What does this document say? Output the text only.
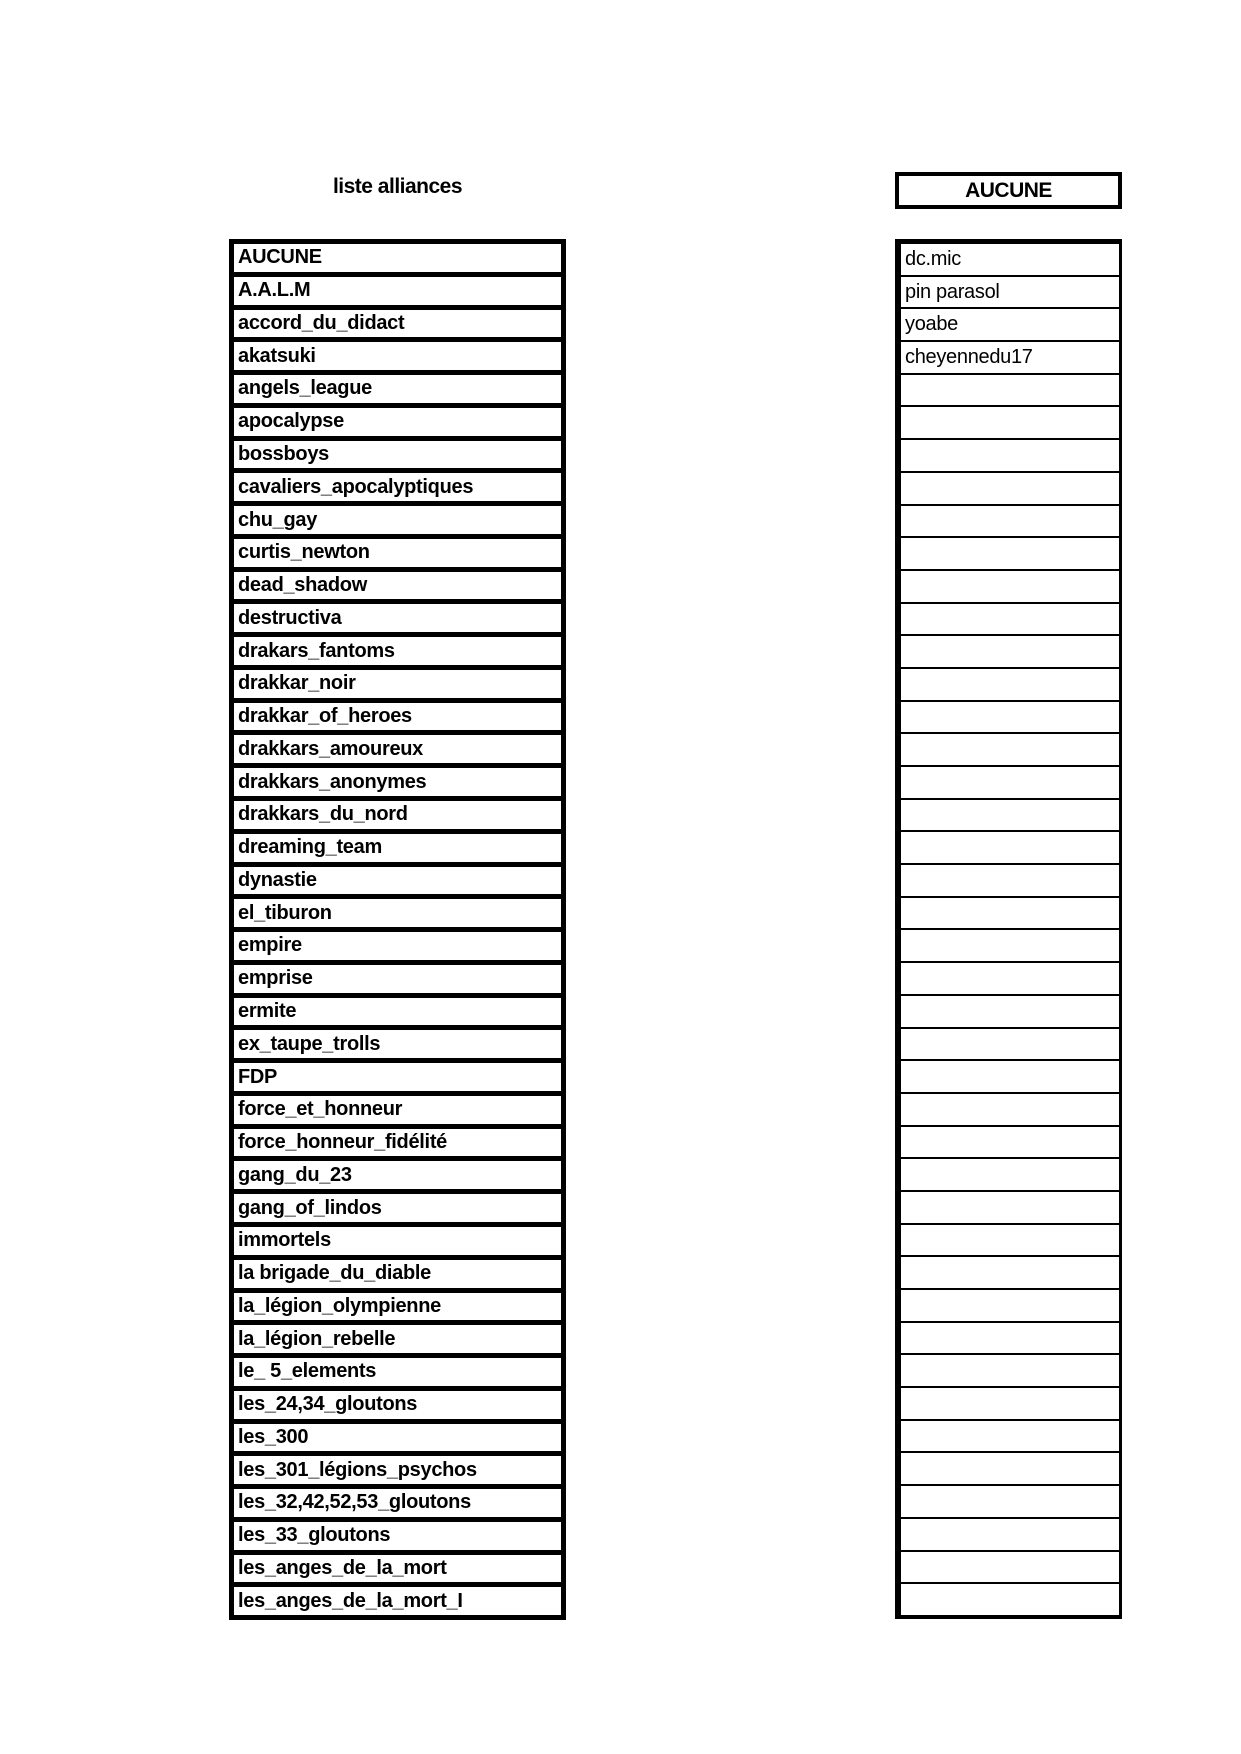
liste alliances	AUCUNE
AUCUNE
A.A.L.M
accord_du_didact
akatsuki
angels_league
apocalypse
bossboys
cavaliers_apocalyptiques
chu_gay
curtis_newton
dead_shadow
destructiva
drakars_fantoms
drakkar_noir
drakkar_of_heroes
drakkars_amoureux
drakkars_anonymes
drakkars_du_nord
dreaming_team
dynastie
el_tiburon
empire
emprise
ermite
ex_taupe_trolls
FDP
force_et_honneur
force_honneur_fidélité
gang_du_23
gang_of_lindos
immortels
la brigade_du_diable
la_légion_olympienne
la_légion_rebelle
le_ 5_elements
les_24,34_gloutons
les_300
les_301_légions_psychos
les_32,42,52,53_gloutons
les_33_gloutons
les_anges_de_la_mort
les_anges_de_la_mort_I
dc.mic
pin parasol
yoabe
cheyennedu17
